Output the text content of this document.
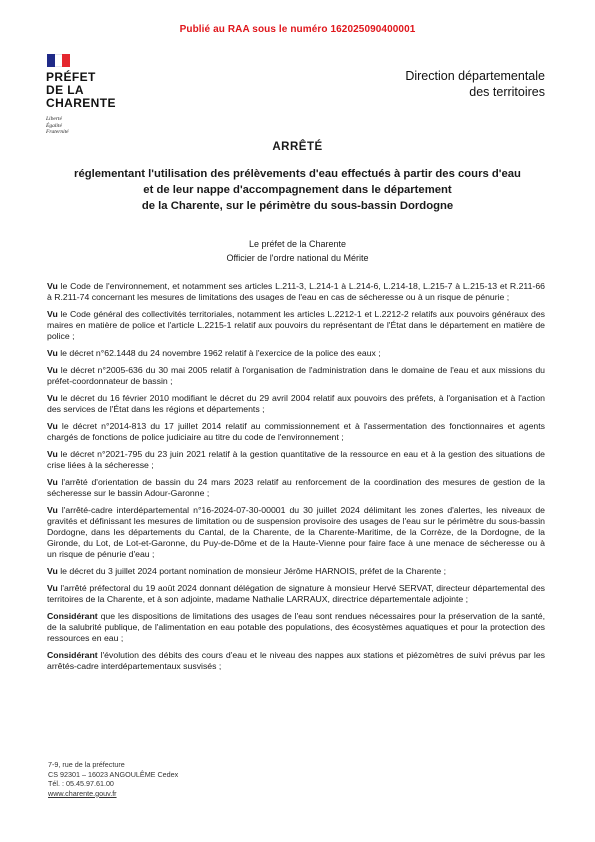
Publié au RAA sous le numéro 162025090400001
PRÉFET
DE LA
CHARENTE
Liberté
Égalité
Fraternité
Direction départementale
des territoires
ARRÊTÉ
réglementant l'utilisation des prélèvements d'eau effectués à partir des cours d'eau
et de leur nappe d'accompagnement dans le département
de la Charente, sur le périmètre du sous-bassin Dordogne
Le préfet de la Charente
Officier de l'ordre national du Mérite

Vu le Code de l'environnement, et notamment ses articles L.211-3, L.214-1 à L.214-6, L.214-18, L.215-7 à L.215-13 et R.211-66 à R.211-74 concernant les mesures de limitations des usages de l'eau en cas de sécheresse ou à un risque de pénurie ;

Vu le Code général des collectivités territoriales, notamment les articles L.2212-1 et L.2212-2 relatifs aux pouvoirs généraux des maires en matière de police et l'article L.2215-1 relatif aux pouvoirs du représentant de l'État dans le département en matière de police ;

Vu le décret n°62.1448 du 24 novembre 1962 relatif à l'exercice de la police des eaux ;

Vu le décret n°2005-636 du 30 mai 2005 relatif à l'organisation de l'administration dans le domaine de l'eau et aux missions du préfet-coordonnateur de bassin ;

Vu le décret du 16 février 2010 modifiant le décret du 29 avril 2004 relatif aux pouvoirs des préfets, à l'organisation et à l'action des services de l'État dans les régions et départements ;

Vu le décret n°2014-813 du 17 juillet 2014 relatif au commissionnement et à l'assermentation des fonctionnaires et agents chargés de fonctions de police judiciaire au titre du code de l'environnement ;

Vu le décret n°2021-795 du 23 juin 2021 relatif à la gestion quantitative de la ressource en eau et à la gestion des situations de crise liées à la sécheresse ;

Vu l'arrêté d'orientation de bassin du 24 mars 2023 relatif au renforcement de la coordination des mesures de gestion de la sécheresse sur le bassin Adour-Garonne ;

Vu l'arrêté-cadre interdépartemental n°16-2024-07-30-00001 du 30 juillet 2024 délimitant les zones d'alertes, les niveaux de gravités et définissant les mesures de limitation ou de suspension provisoire des usages de l'eau sur le périmètre du sous-bassin Dordogne, dans les départements du Cantal, de la Charente, de la Charente-Maritime, de la Corrèze, de la Dordogne, de la Gironde, du Lot, de Lot-et-Garonne, du Puy-de-Dôme et de la Haute-Vienne pour faire face à une menace de sécheresse ou à un risque de pénurie d'eau ;

Vu le décret du 3 juillet 2024 portant nomination de monsieur Jérôme HARNOIS, préfet de la Charente ;

Vu l'arrêté préfectoral du 19 août 2024 donnant délégation de signature à monsieur Hervé SERVAT, directeur départemental des territoires de la Charente, et à son adjointe, madame Nathalie LARRAUX, directrice départementale adjointe ;

Considérant que les dispositions de limitations des usages de l'eau sont rendues nécessaires pour la préservation de la santé, de la salubrité publique, de l'alimentation en eau potable des populations, des écosystèmes aquatiques et pour la protection des ressources en eau ;

Considérant l'évolution des débits des cours d'eau et le niveau des nappes aux stations et piézomètres de suivi prévus par les arrêtés-cadre interdépartementaux susvisés ;

7-9, rue de la préfecture
CS 92301 – 16023 ANGOULÊME Cedex
Tél. : 05.45.97.61.00
www.charente.gouv.fr
